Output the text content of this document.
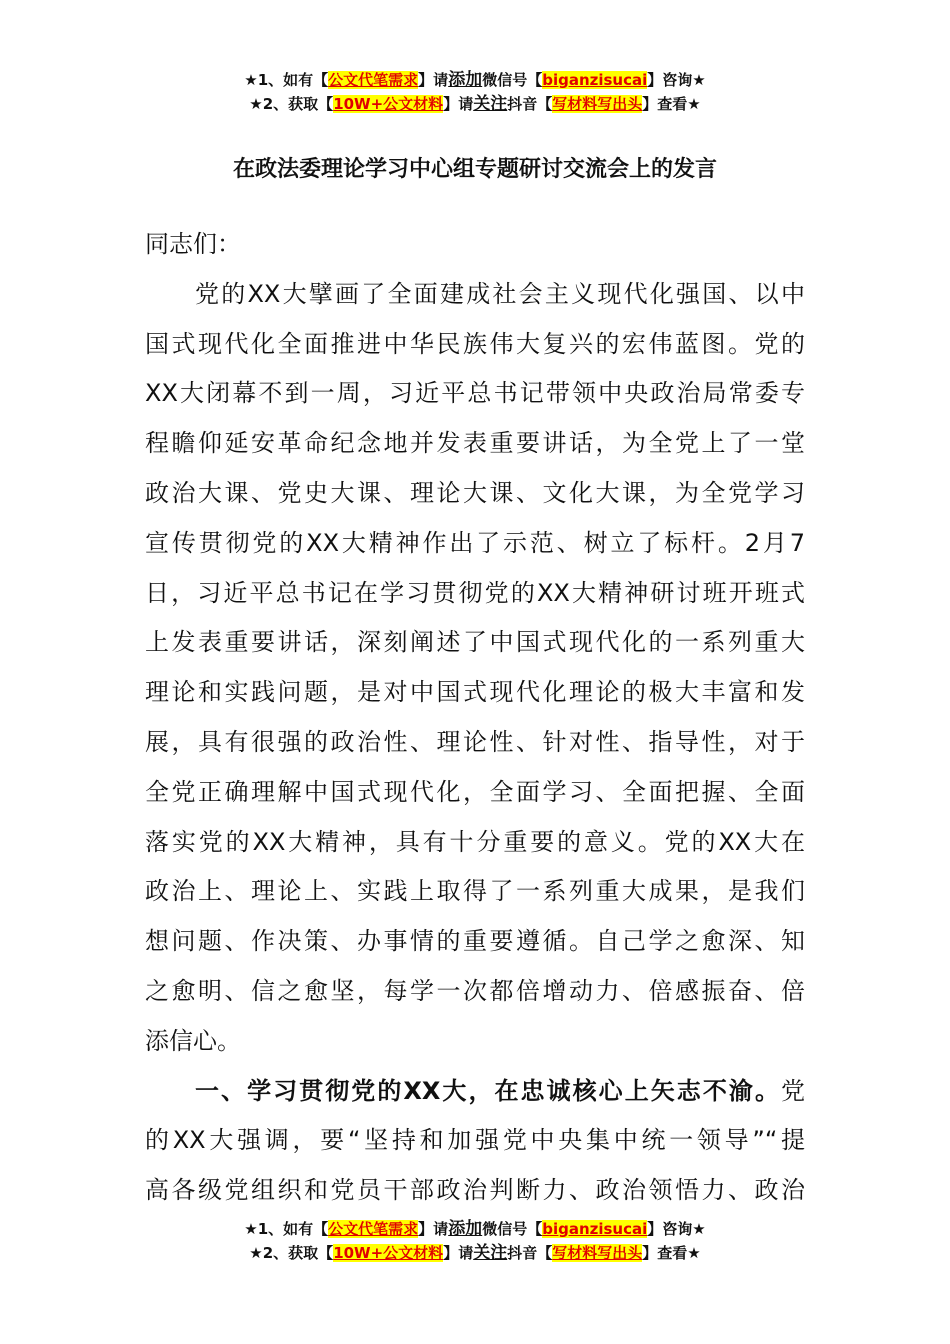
★1、如有【公文代笔需求】请添加微信号【biganzisucai】咨询★
★2、获取【10W+公文材料】请关注抖音【写材料写出头】查看★
在政法委理论学习中心组专题研讨交流会上的发言
同志们：
党的XX大擘画了全面建成社会主义现代化强国、以中
国式现代化全面推进中华民族伟大复兴的宏伟蓝图。党的
XX大闭幕不到一周，习近平总书记带领中央政治局常委专
程瞻仰延安革命纪念地并发表重要讲话，为全党上了一堂
政治大课、党史大课、理论大课、文化大课，为全党学习
宣传贯彻党的XX大精神作出了示范、树立了标杆。2月7
日，习近平总书记在学习贯彻党的XX大精神研讨班开班式
上发表重要讲话，深刻阐述了中国式现代化的一系列重大
理论和实践问题，是对中国式现代化理论的极大丰富和发
展，具有很强的政治性、理论性、针对性、指导性，对于
全党正确理解中国式现代化，全面学习、全面把握、全面
落实党的XX大精神，具有十分重要的意义。党的XX大在
政治上、理论上、实践上取得了一系列重大成果，是我们
想问题、作决策、办事情的重要遵循。自己学之愈深、知
之愈明、信之愈坚，每学一次都倍增动力、倍感振奋、倍
添信心。
一、学习贯彻党的XX大，在忠诚核心上矢志不渝。党
的XX大强调，要“坚持和加强党中央集中统一领导”“提
高各级党组织和党员干部政治判断力、政治领悟力、政治
★1、如有【公文代笔需求】请添加微信号【biganzisucai】咨询★
★2、获取【10W+公文材料】请关注抖音【写材料写出头】查看★
